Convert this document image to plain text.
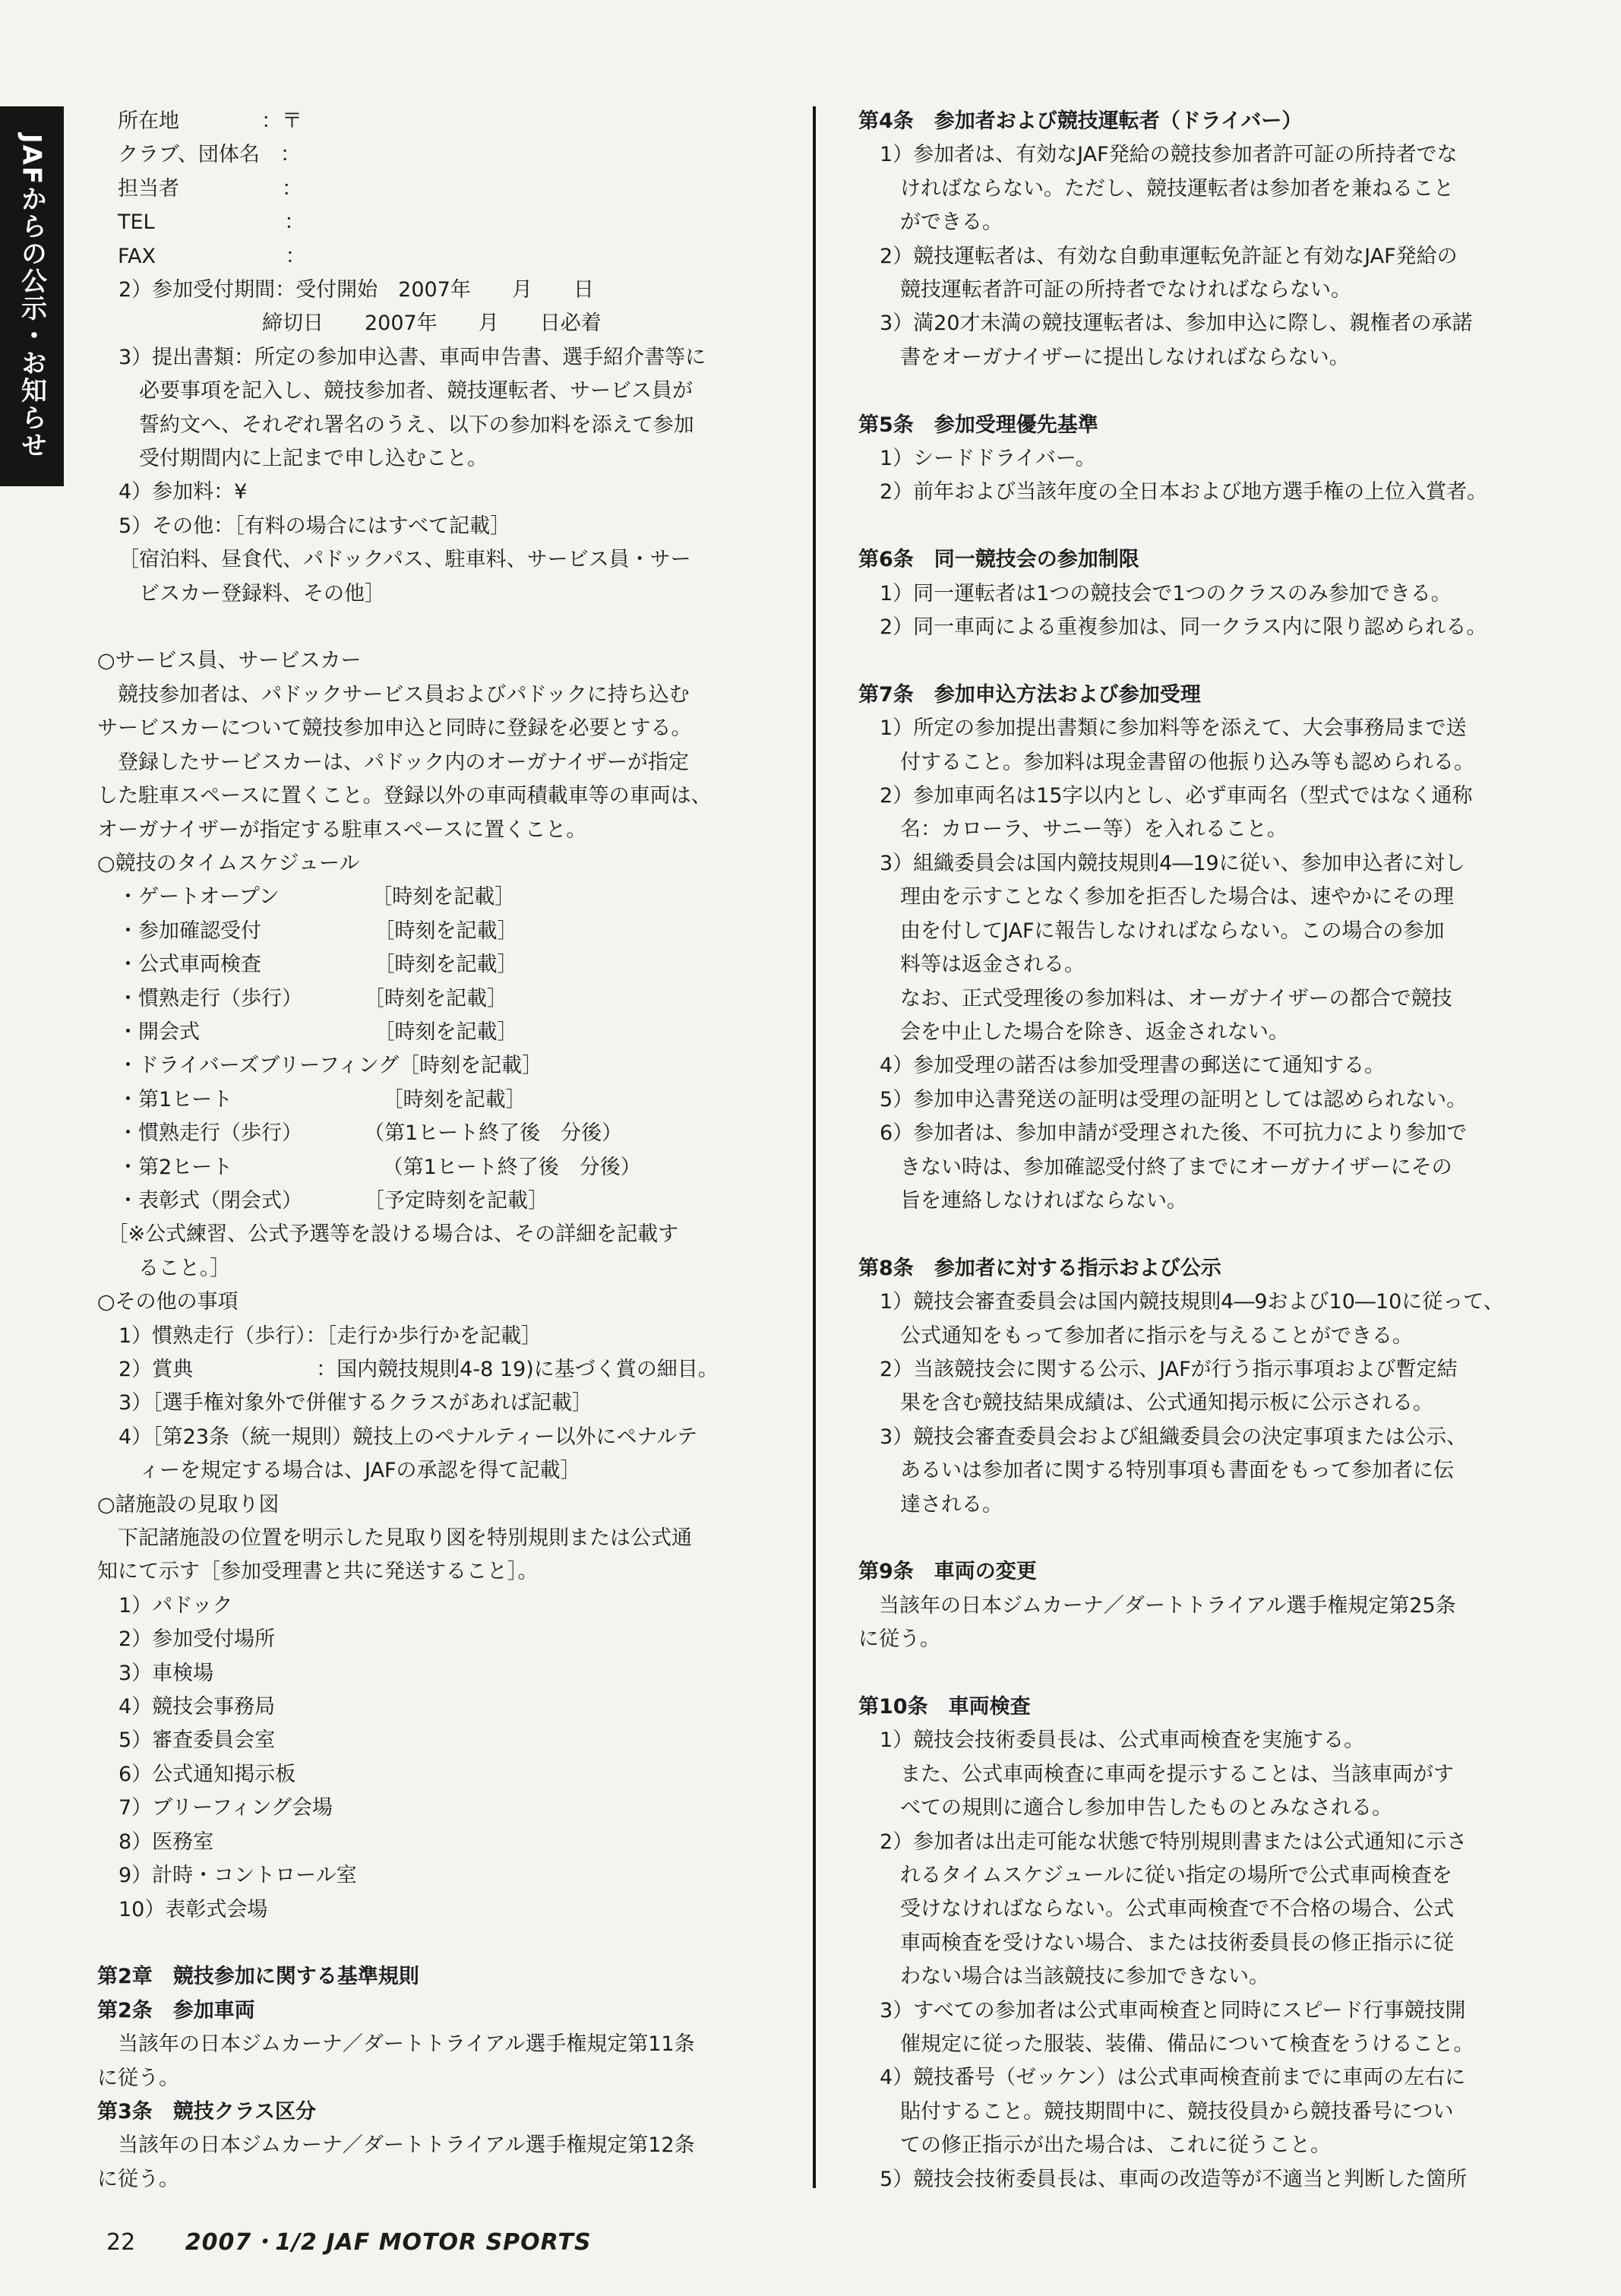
JAFからの公示・お知らせ
　所在地　　　　：〒
　クラブ、団体名　：
　担当者　　　　　：
　TEL　　　　　 　：
　FAX　　　　　 　：
2）参加受付期間：受付開始　2007年　　月　　日
　　　　　　　締切日　　2007年　　月　　日必着
3）提出書類：所定の参加申込書、車両申告書、選手紹介書等に
　必要事項を記入し、競技参加者、競技運転者、サービス員が
　誓約文へ、それぞれ署名のうえ、以下の参加料を添えて参加
　受付期間内に上記まで申し込むこと。
4）参加料：¥
5）その他：［有料の場合にはすべて記載］
［宿泊料、昼食代、パドックパス、駐車料、サービス員・サー
　ビスカー登録料、その他］
○サービス員、サービスカー
　競技参加者は、パドックサービス員およびパドックに持ち込む
サービスカーについて競技参加申込と同時に登録を必要とする。
　登録したサービスカーは、パドック内のオーガナイザーが指定
した駐車スペースに置くこと。登録以外の車両積載車等の車両は、
オーガナイザーが指定する駐車スペースに置くこと。
○競技のタイムスケジュール
　・ゲートオープン　　　　　［時刻を記載］
　・参加確認受付　　　　　　［時刻を記載］
　・公式車両検査　　　　　　［時刻を記載］
　・慣熟走行（歩行）　　　　［時刻を記載］
　・開会式　　　　　　　　　［時刻を記載］
　・ドライバーズブリーフィング［時刻を記載］
　・第1ヒート　　　　　　　 ［時刻を記載］
　・慣熟走行（歩行）　　　　（第1ヒート終了後　分後）
　・第2ヒート　　　　　　　 （第1ヒート終了後　分後）
　・表彰式（閉会式）　　　　［予定時刻を記載］
　［※公式練習、公式予選等を設ける場合は、その詳細を記載す
　　ること。］
○その他の事項
1）慣熟走行（歩行）：［走行か歩行かを記載］
2）賞典　　　　　　：国内競技規則4-8 19)に基づく賞の細目。
3）［選手権対象外で併催するクラスがあれば記載］
4）［第23条（統一規則）競技上のペナルティー以外にペナルテ
　ィーを規定する場合は、JAFの承認を得て記載］
○諸施設の見取り図
　下記諸施設の位置を明示した見取り図を特別規則または公式通
知にて示す［参加受理書と共に発送すること］。
1）パドック
2）参加受付場所
3）車検場
4）競技会事務局
5）審査委員会室
6）公式通知掲示板
7）ブリーフィング会場
8）医務室
9）計時・コントロール室
10）表彰式会場
第2章　競技参加に関する基準規則
第2条　参加車両
　当該年の日本ジムカーナ／ダートトライアル選手権規定第11条
に従う。
第3条　競技クラス区分
　当該年の日本ジムカーナ／ダートトライアル選手権規定第12条
に従う。
第4条　参加者および競技運転者（ドライバー）
1）参加者は、有効なJAF発給の競技参加者許可証の所持者でな
　ければならない。ただし、競技運転者は参加者を兼ねること
　ができる。
2）競技運転者は、有効な自動車運転免許証と有効なJAF発給の
　競技運転者許可証の所持者でなければならない。
3）満20才未満の競技運転者は、参加申込に際し、親権者の承諾
　書をオーガナイザーに提出しなければならない。
第5条　参加受理優先基準
1）シードドライバー。
2）前年および当該年度の全日本および地方選手権の上位入賞者。
第6条　同一競技会の参加制限
1）同一運転者は1つの競技会で1つのクラスのみ参加できる。
2）同一車両による重複参加は、同一クラス内に限り認められる。
第7条　参加申込方法および参加受理
1）所定の参加提出書類に参加料等を添えて、大会事務局まで送
　付すること。参加料は現金書留の他振り込み等も認められる。
2）参加車両名は15字以内とし、必ず車両名（型式ではなく通称
　名：カローラ、サニー等）を入れること。
3）組織委員会は国内競技規則4―19に従い、参加申込者に対し
　理由を示すことなく参加を拒否した場合は、速やかにその理
　由を付してJAFに報告しなければならない。この場合の参加
　料等は返金される。
　なお、正式受理後の参加料は、オーガナイザーの都合で競技
　会を中止した場合を除き、返金されない。
4）参加受理の諾否は参加受理書の郵送にて通知する。
5）参加申込書発送の証明は受理の証明としては認められない。
6）参加者は、参加申請が受理された後、不可抗力により参加で
　きない時は、参加確認受付終了までにオーガナイザーにその
　旨を連絡しなければならない。
第8条　参加者に対する指示および公示
1）競技会審査委員会は国内競技規則4―9および10―10に従って、
　公式通知をもって参加者に指示を与えることができる。
2）当該競技会に関する公示、JAFが行う指示事項および暫定結
　果を含む競技結果成績は、公式通知掲示板に公示される。
3）競技会審査委員会および組織委員会の決定事項または公示、
　あるいは参加者に関する特別事項も書面をもって参加者に伝
　達される。
第9条　車両の変更
　当該年の日本ジムカーナ／ダートトライアル選手権規定第25条
に従う。
第10条　車両検査
1）競技会技術委員長は、公式車両検査を実施する。
　また、公式車両検査に車両を提示することは、当該車両がす
　べての規則に適合し参加申告したものとみなされる。
2）参加者は出走可能な状態で特別規則書または公式通知に示さ
　れるタイムスケジュールに従い指定の場所で公式車両検査を
　受けなければならない。公式車両検査で不合格の場合、公式
　車両検査を受けない場合、または技術委員長の修正指示に従
　わない場合は当該競技に参加できない。
3）すべての参加者は公式車両検査と同時にスピード行事競技開
　催規定に従った服装、装備、備品について検査をうけること。
4）競技番号（ゼッケン）は公式車両検査前までに車両の左右に
　貼付すること。競技期間中に、競技役員から競技番号につい
　ての修正指示が出た場合は、これに従うこと。
5）競技会技術委員長は、車両の改造等が不適当と判断した箇所
22 2007・1/2 JAF MOTOR SPORTS
